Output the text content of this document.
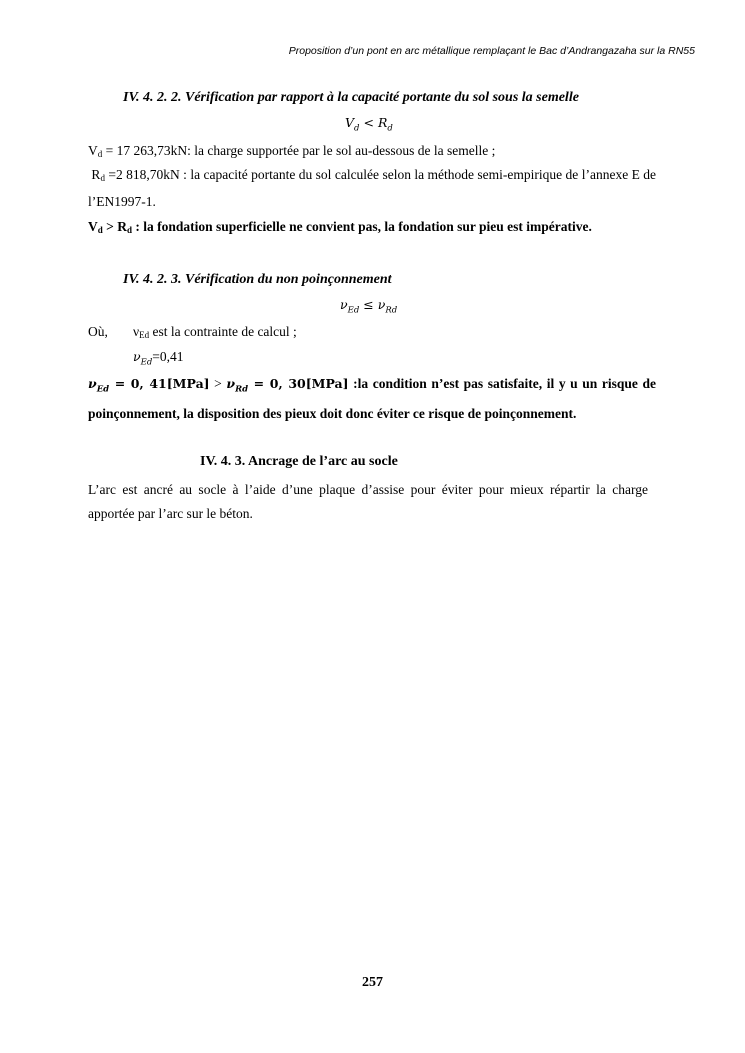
Proposition d’un pont en arc métallique remplaçant le Bac d’Andrangazaha sur la RN55
IV. 4. 2. 2. Vérification par rapport à la capacité portante du sol sous la semelle
$V_d < R_d$
Vd = 17 263,73kN: la charge supportée par le sol au-dessous de la semelle ;
Rd =2 818,70kN : la capacité portante du sol calculée selon la méthode semi-empirique de l’annexe E de l’EN1997-1.
Vd > Rd : la fondation superficielle ne convient pas, la fondation sur pieu est impérative.
IV. 4. 2. 3. Vérification du non poinçonnement
$\nu_{Ed} \le \nu_{Rd}$
Où, νEd est la contrainte de calcul ;
$\nu_{Ed}=0,41$
$\nu_{Ed} = 0$, $41[MPa] > \nu_{Rd} = 0$, 30[MPa] :la condition n’est pas satisfaite, il y u un risque de poinçonnement, la disposition des pieux doit donc éviter ce risque de poinçonnement.
IV. 4. 3. Ancrage de l’arc au socle
L’arc est ancré au socle à l’aide d’une plaque d’assise pour éviter pour mieux répartir la charge apportée par l’arc sur le béton.
257
